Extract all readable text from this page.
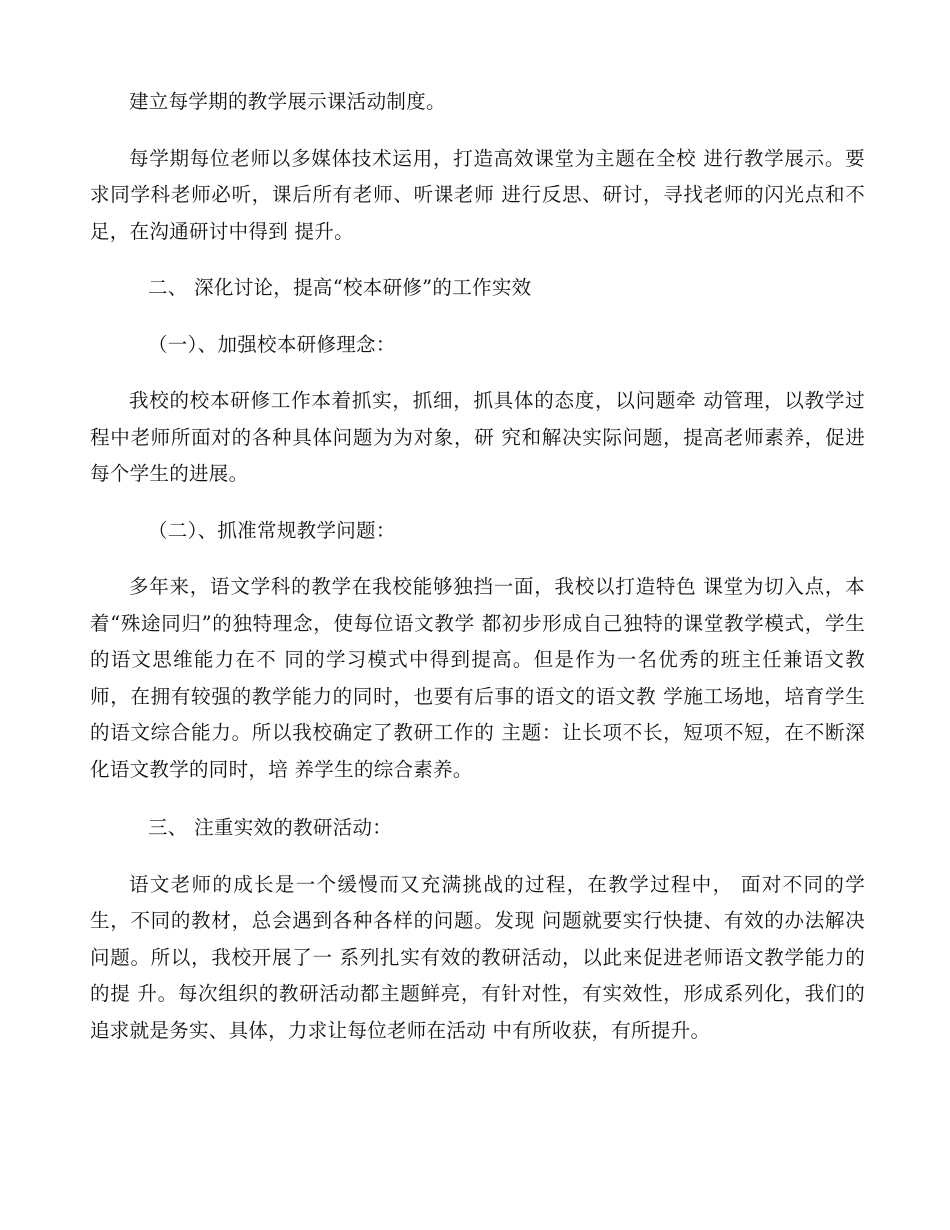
建立每学期的教学展示课活动制度。

每学期每位老师以多媒体技术运用，打造高效课堂为主题在全校 进行教学展示。要求同学科老师必听，课后所有老师、听课老师 进行反思、研讨，寻找老师的闪光点和不足，在沟通研讨中得到 提升。

二、 深化讨论，提高“校本研修”的工作实效

（一）、加强校本研修理念：

我校的校本研修工作本着抓实，抓细，抓具体的态度，以问题牵 动管理，以教学过程中老师所面对的各种具体问题为为对象，研 究和解决实际问题，提高老师素养，促进每个学生的进展。

（二）、抓准常规教学问题：

多年来，语文学科的教学在我校能够独挡一面，我校以打造特色 课堂为切入点，本着“殊途同归”的独特理念，使每位语文教学 都初步形成自己独特的课堂教学模式，学生的语文思维能力在不 同的学习模式中得到提高。但是作为一名优秀的班主任兼语文教 师，在拥有较强的教学能力的同时，也要有后事的语文的语文教 学施工场地，培育学生的语文综合能力。所以我校确定了教研工作的 主题：让长项不长，短项不短，在不断深化语文教学的同时，培 养学生的综合素养。

三、 注重实效的教研活动：

语文老师的成长是一个缓慢而又充满挑战的过程，在教学过程中， 面对不同的学生，不同的教材，总会遇到各种各样的问题。发现 问题就要实行快捷、有效的办法解决问题。所以，我校开展了一 系列扎实有效的教研活动，以此来促进老师语文教学能力的的提 升。每次组织的教研活动都主题鲜亮，有针对性，有实效性，形成系列化，我们的追求就是务实、具体，力求让每位老师在活动 中有所收获，有所提升。
